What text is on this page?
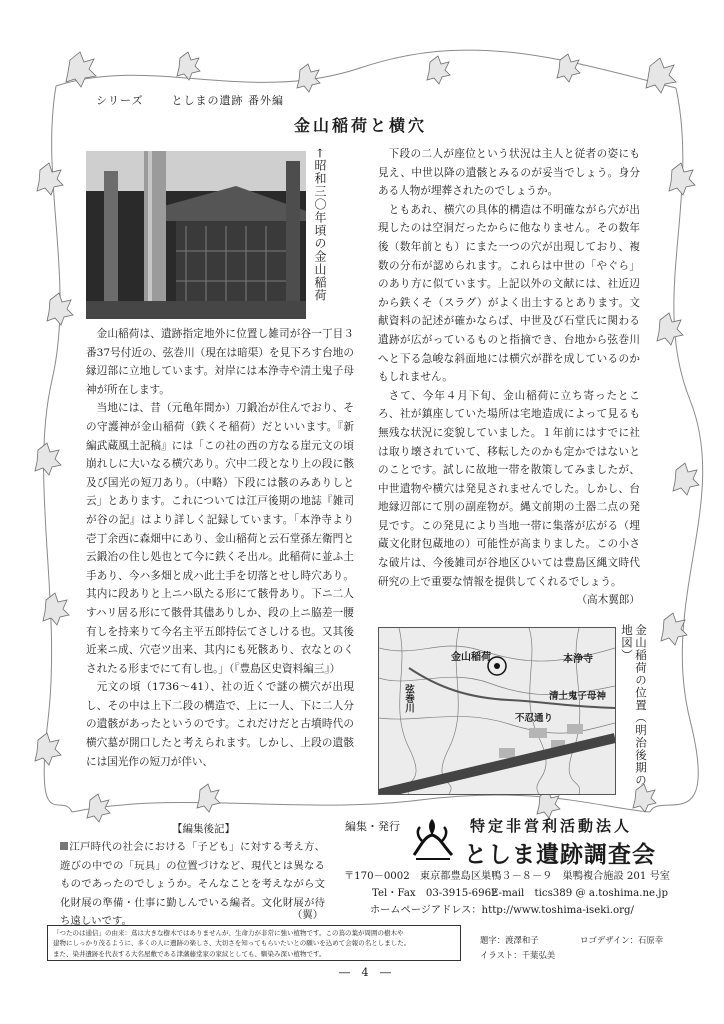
シリーズ	としまの遺跡 番外編
金山稲荷と横穴
←昭和三〇年頃の金山稲荷

金山稲荷は、遺跡指定地外に位置し雑司が谷一丁目３番37号付近の、弦巻川（現在は暗渠）を見下ろす台地の縁辺部に立地しています。対岸には本浄寺や清土鬼子母神が所在します。

当地には、昔（元亀年間か）刀鍛冶が住んでおり、その守護神が金山稲荷（鉄くそ稲荷）だといいます。『新編武蔵風土記稿』には「この社の西の方なる崖元文の頃崩れしに大いなる横穴あり。穴中二段となり上の段に骸及び国光の短刀あり。（中略）下段には骸のみありしと云」とあります。これについては江戸後期の地誌『雑司が谷の記』はより詳しく記録しています。「本浄寺より壱丁余西に森畑中にあり、金山稲荷と云石堂孫左衛門と云鍛冶の住し処也とて今に鉄くそ出ル。此稲荷に並ふ土手あり、今ハ多畑と成ハ此土手を切落とせし時穴あり。其内に段ありと上ニハ臥たる形にて骸骨あり。下ニ二人すハリ居る形にて骸骨其儘ありしか、段の上ニ脇差一腰有しを持来りて今名主平五郎持伝てさしける也。又其後近来ニ成、穴壱ツ出来、其内にも死骸あり、衣なとのくされたる形までにて有し也。」（『豊島区史資料編三』）

元文の頃（1736～41）、社の近くで謎の横穴が出現し、その中は上下二段の構造で、上に一人、下に二人分の遺骸があったというのです。これだけだと古墳時代の横穴墓が開口したと考えられます。しかし、上段の遺骸には国光作の短刀が伴い、

下段の二人が座位という状況は主人と従者の姿にも見え、中世以降の遺骸とみるのが妥当でしょう。身分ある人物が埋葬されたのでしょうか。

ともあれ、横穴の具体的構造は不明確ながら穴が出現したのは空洞だったからに他なりません。その数年後（数年前とも）にまた一つの穴が出現しており、複数の分布が認められます。これらは中世の「やぐら」のあり方に似ています。上記以外の文献には、社近辺から鉄くそ（スラグ）がよく出土するとあります。文献資料の記述が確かならば、中世及び石堂氏に関わる遺跡が広がっているものと指摘でき、台地から弦巻川へと下る急峻な斜面地には横穴が群を成しているのかもしれません。

さて、今年４月下旬、金山稲荷に立ち寄ったところ、社が鎮座していた場所は宅地造成によって見るも無残な状況に変貌していました。１年前にはすでに社は取り壊されていて、移転したのかも定かではないとのことです。試しに故地一帯を散策してみましたが、中世遺物や横穴は発見されませんでした。しかし、台地縁辺部にて別の副産物が。縄文前期の土器二点の発見です。この発見により当地一帯に集落が広がる（埋蔵文化財包蔵地の）可能性が高まりました。この小さな破片は、今後雑司が谷地区ひいては豊島区縄文時代研究の上で重要な情報を提供してくれるでしょう。

（高木翼郎）
金山稲荷	本浄寺
清土鬼子母神
弦巻川
不忍通り	金山稲荷の位置（明治後期の地図）
【編集後記】
江戸時代の社会における「子ども」に対する考え方、遊びの中での「玩具」の位置づけなど、現代とは異なるものであったのでしょうか。そんなことを考えながら文化財展の準備・仕事に勤しんでいる編者。文化財展が待ち遠しいです。	（翼）
編集・発行	特定非営利活動法人
としま遺跡調査会
〒170－0002　東京都豊島区巣鴨３－８－９　巣鴨複合施設 201 号室
Tel・Fax　03-3915-6962
E-mail　tics389 @ a.toshima.ne.jp
ホームページアドレス：http://www.toshima-iseki.org/
「つたのは通信」の由来：蔦は大きな樹木ではありませんが、生命力が非常に強い植物です。この蔦の葉が周囲の樹木や
建物にしっかり茂るように、多くの人に遺跡の楽しさ、大切さを知ってもらいたいとの願いを込めて会報の名としました。
また、染井遺跡を代表する大名屋敷である津藩藤堂家の家紋としても、馴染み深い植物です。
題字：渡澤和子
イラスト：千葉弘美
ロゴデザイン：石原幸
― 4 ―
